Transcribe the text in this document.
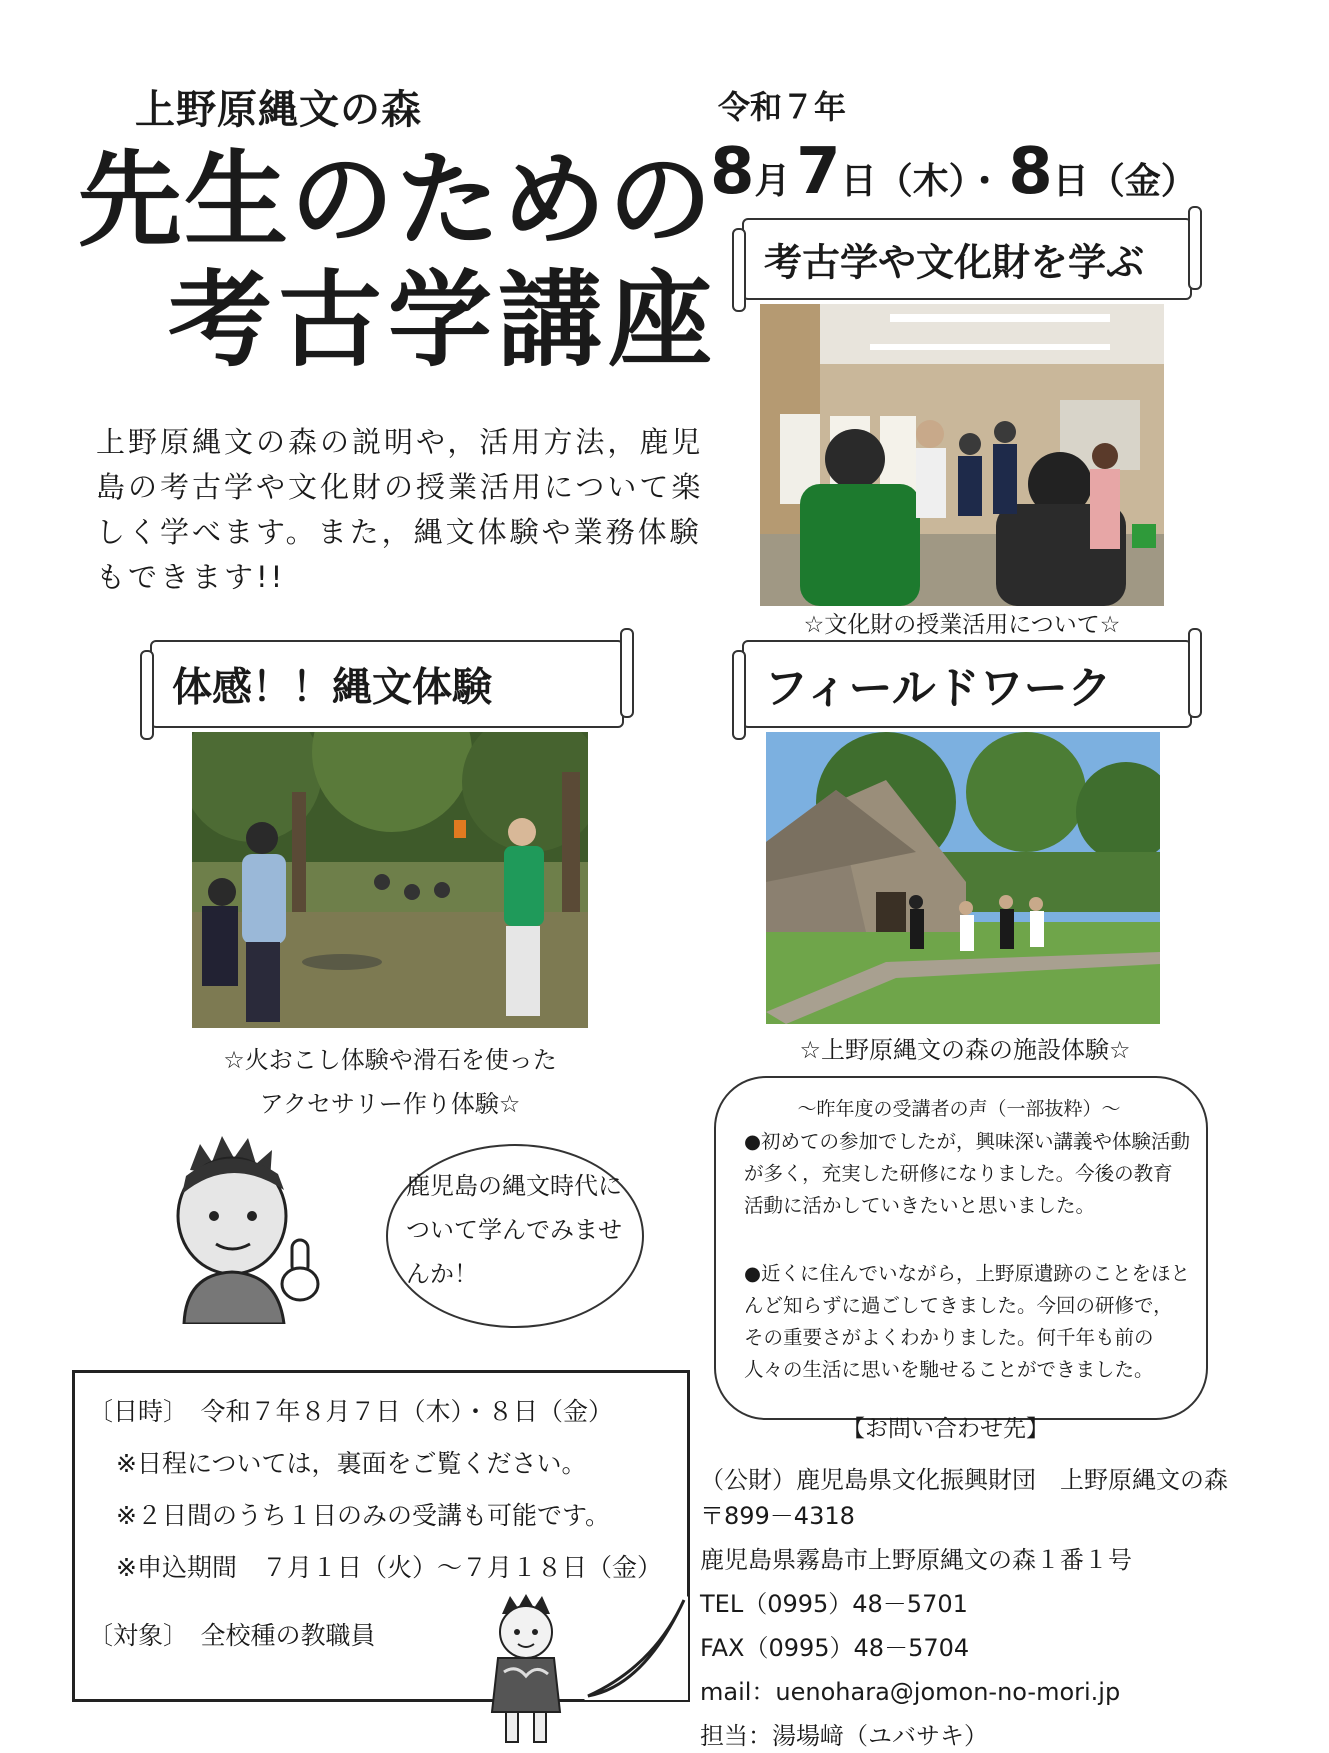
上野原縄文の森
先生のための
考古学講座
令和７年
8月 7日（木）・ 8日（金）
上野原縄文の森の説明や，活用方法，鹿児島の考古学や文化財の授業活用について楽しく学べます。また，縄文体験や業務体験もできます!!
考古学や文化財を学ぶ
☆文化財の授業活用について☆
体感！！縄文体験
☆火おこし体験や滑石を使った
アクセサリー作り体験☆
フィールドワーク
☆上野原縄文の森の施設体験☆
鹿児島の縄文時代について学んでみませんか！
～昨年度の受講者の声（一部抜粋）～
●初めての参加でしたが，興味深い講義や体験活動が多く，充実した研修になりました。今後の教育活動に活かしていきたいと思いました。
●近くに住んでいながら，上野原遺跡のことをほとんど知らずに過ごしてきました。今回の研修で，その重要さがよくわかりました。何千年も前の人々の生活に思いを馳せることができました。
〔日時〕　令和７年８月７日（木）・８日（金）
※日程については，裏面をご覧ください。
※２日間のうち１日のみの受講も可能です。
※申込期間　７月１日（火）～７月１８日（金）
〔対象〕　全校種の教職員
【お問い合わせ先】
（公財）鹿児島県文化振興財団　上野原縄文の森
〒899－4318
鹿児島県霧島市上野原縄文の森１番１号
TEL（0995）48－5701
FAX（0995）48－5704
mail：uenohara@jomon-no-mori.jp
担当：湯場﨑（ユバサキ）
